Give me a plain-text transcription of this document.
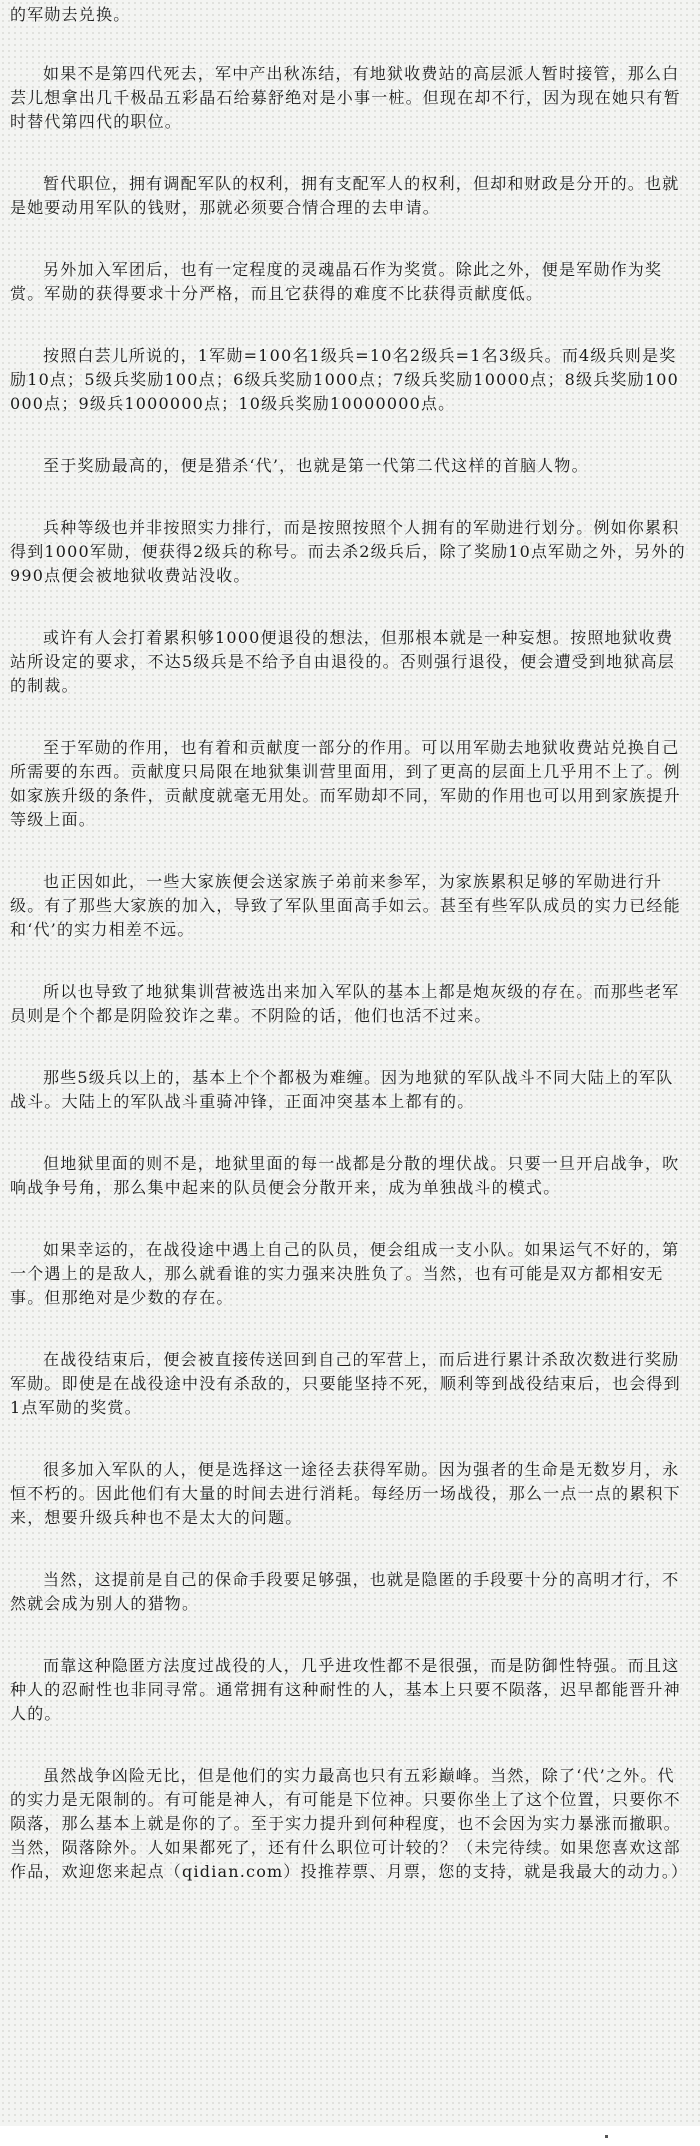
的军勋去兑换。

如果不是第四代死去，军中产出秋冻结，有地狱收费站的高层派人暂时接管，那么白芸儿想拿出几千极品五彩晶石给募舒绝对是小事一桩。但现在却不行，因为现在她只有暂时替代第四代的职位。

暂代职位，拥有调配军队的权利，拥有支配军人的权利，但却和财政是分开的。也就是她要动用军队的钱财，那就必须要合情合理的去申请。

另外加入军团后，也有一定程度的灵魂晶石作为奖赏。除此之外，便是军勋作为奖赏。军勋的获得要求十分严格，而且它获得的难度不比获得贡献度低。

按照白芸儿所说的，1军勋=100名1级兵=10名2级兵=1名3级兵。而4级兵则是奖励10点；5级兵奖励100点；6级兵奖励1000点；7级兵奖励10000点；8级兵奖励100000点；9级兵1000000点；10级兵奖励10000000点。

至于奖励最高的，便是猎杀‘代’，也就是第一代第二代这样的首脑人物。

兵种等级也并非按照实力排行，而是按照按照个人拥有的军勋进行划分。例如你累积得到1000军勋，便获得2级兵的称号。而去杀2级兵后，除了奖励10点军勋之外，另外的990点便会被地狱收费站没收。

或许有人会打着累积够1000便退役的想法，但那根本就是一种妄想。按照地狱收费站所设定的要求，不达5级兵是不给予自由退役的。否则强行退役，便会遭受到地狱高层的制裁。

至于军勋的作用，也有着和贡献度一部分的作用。可以用军勋去地狱收费站兑换自己所需要的东西。贡献度只局限在地狱集训营里面用，到了更高的层面上几乎用不上了。例如家族升级的条件，贡献度就毫无用处。而军勋却不同，军勋的作用也可以用到家族提升等级上面。

也正因如此，一些大家族便会送家族子弟前来参军，为家族累积足够的军勋进行升级。有了那些大家族的加入，导致了军队里面高手如云。甚至有些军队成员的实力已经能和‘代’的实力相差不远。

所以也导致了地狱集训营被选出来加入军队的基本上都是炮灰级的存在。而那些老军员则是个个都是阴险狡诈之辈。不阴险的话，他们也活不过来。

那些5级兵以上的，基本上个个都极为难缠。因为地狱的军队战斗不同大陆上的军队战斗。大陆上的军队战斗重骑冲锋，正面冲突基本上都有的。

但地狱里面的则不是，地狱里面的每一战都是分散的埋伏战。只要一旦开启战争，吹响战争号角，那么集中起来的队员便会分散开来，成为单独战斗的模式。

如果幸运的，在战役途中遇上自己的队员，便会组成一支小队。如果运气不好的，第一个遇上的是敌人，那么就看谁的实力强来决胜负了。当然，也有可能是双方都相安无事。但那绝对是少数的存在。

在战役结束后，便会被直接传送回到自己的军营上，而后进行累计杀敌次数进行奖励军勋。即使是在战役途中没有杀敌的，只要能坚持不死，顺利等到战役结束后，也会得到1点军勋的奖赏。

很多加入军队的人，便是选择这一途径去获得军勋。因为强者的生命是无数岁月，永恒不朽的。因此他们有大量的时间去进行消耗。每经历一场战役，那么一点一点的累积下来，想要升级兵种也不是太大的问题。

当然，这提前是自己的保命手段要足够强，也就是隐匿的手段要十分的高明才行，不然就会成为别人的猎物。

而靠这种隐匿方法度过战役的人，几乎进攻性都不是很强，而是防御性特强。而且这种人的忍耐性也非同寻常。通常拥有这种耐性的人，基本上只要不陨落，迟早都能晋升神人的。

虽然战争凶险无比，但是他们的实力最高也只有五彩巅峰。当然，除了‘代’之外。代的实力是无限制的。有可能是神人，有可能是下位神。只要你坐上了这个位置，只要你不陨落，那么基本上就是你的了。至于实力提升到何种程度，也不会因为实力暴涨而撤职。当然，陨落除外。人如果都死了，还有什么职位可计较的？（未完待续。如果您喜欢这部作品，欢迎您来起点（qidian.com）投推荐票、月票，您的支持，就是我最大的动力。）
